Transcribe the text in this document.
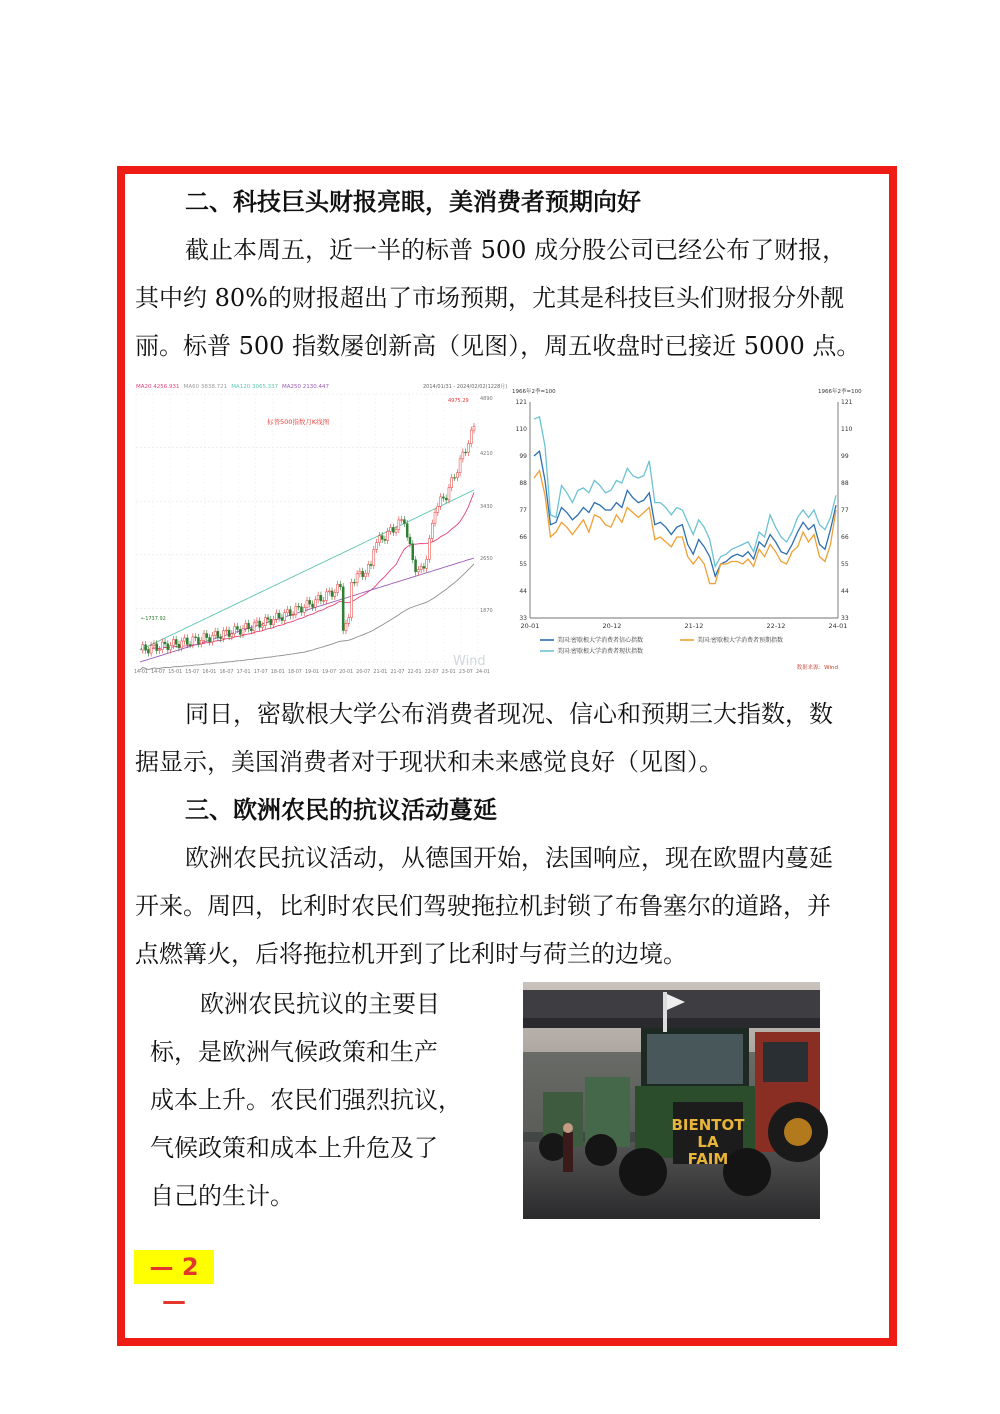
二、科技巨头财报亮眼，美消费者预期向好
截止本周五，近一半的标普 500 成分股公司已经公布了财报，
其中约 80%的财报超出了市场预期，尤其是科技巨头们财报分外靓
丽。标普 500 指数屡创新高（见图），周五收盘时已接近 5000 点。
MA20 4256.931 MA60 3838.721 MA120 3065.337 MA250 2130.447	2014/01/31 - 2024/02/02(1228月)
4890
4210
3430
2650
1870
14-01 14-07 15-01 15-07 16-01 16-07 17-01 17-07 18-01 18-07 19-01 19-07 20-01 20-07 21-01 21-07 22-01 22-07 23-01 23-07 24-01
标普500指数月K线图
4975.29
←1737.92
Wind
1966年2季=100	1966年2季=100
33	33
44	44
55	55
66	66
77	77
88	88
99	99
110	110
121	121
20-01	20-12	21-12	22-12	24-01
美国:密歇根大学消费者信心指数	美国:密歇根大学消费者预期指数
美国:密歇根大学消费者现状指数
数据来源：Wind
同日，密歇根大学公布消费者现况、信心和预期三大指数，数
据显示，美国消费者对于现状和未来感觉良好（见图）。
三、欧洲农民的抗议活动蔓延
欧洲农民抗议活动，从德国开始，法国响应，现在欧盟内蔓延
开来。周四，比利时农民们驾驶拖拉机封锁了布鲁塞尔的道路，并
点燃篝火，后将拖拉机开到了比利时与荷兰的边境。
欧洲农民抗议的主要目
标，是欧洲气候政策和生产
成本上升。农民们强烈抗议，
气候政策和成本上升危及了
自己的生计。
BIENTOT
LA
FAIM
— 2 —
